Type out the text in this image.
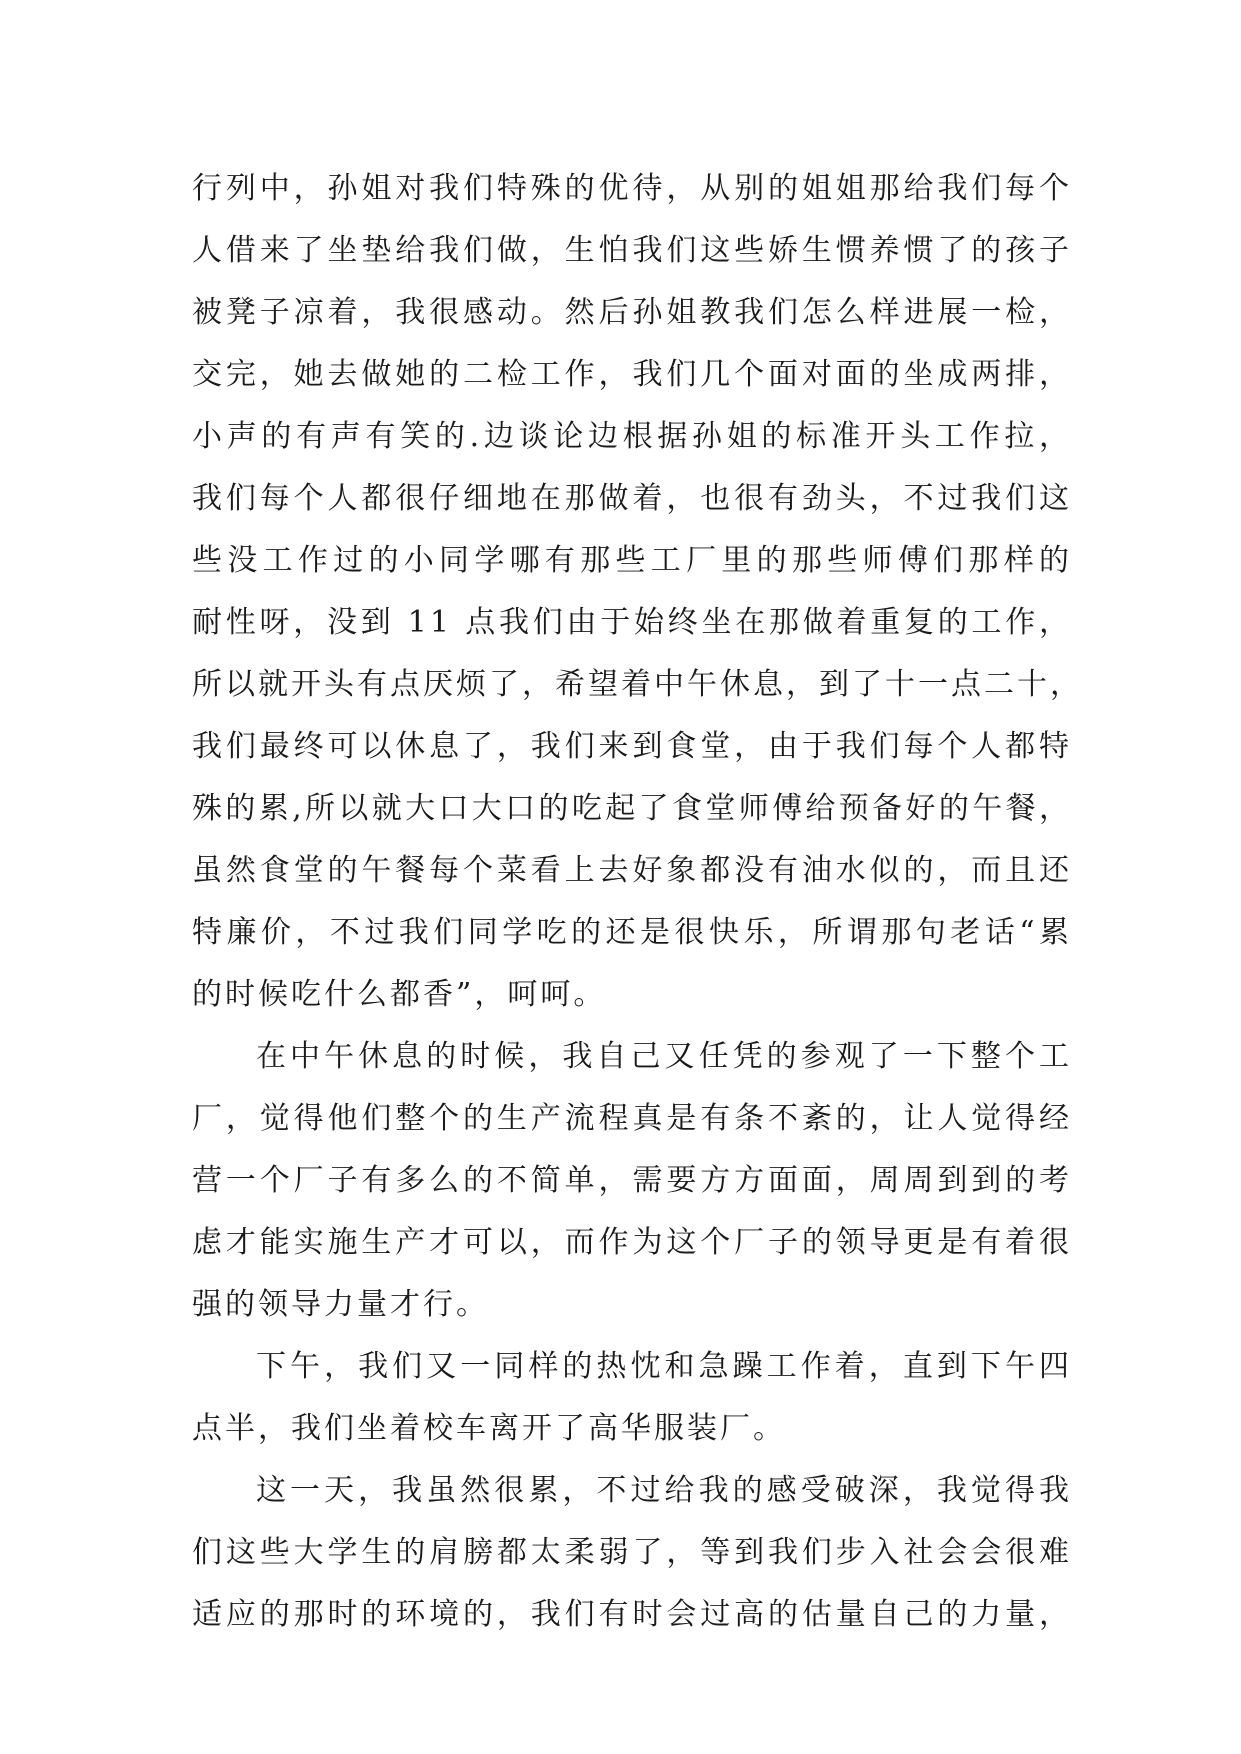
行列中，孙姐对我们特殊的优待，从别的姐姐那给我们每个
人借来了坐垫给我们做，生怕我们这些娇生惯养惯了的孩子
被凳子凉着，我很感动。然后孙姐教我们怎么样进展一检，
交完，她去做她的二检工作，我们几个面对面的坐成两排，
小声的有声有笑的.边谈论边根据孙姐的标准开头工作拉，
我们每个人都很仔细地在那做着，也很有劲头，不过我们这
些没工作过的小同学哪有那些工厂里的那些师傅们那样的
耐性呀，没到 11 点我们由于始终坐在那做着重复的工作，
所以就开头有点厌烦了，希望着中午休息，到了十一点二十，
我们最终可以休息了，我们来到食堂，由于我们每个人都特
殊的累,所以就大口大口的吃起了食堂师傅给预备好的午餐，
虽然食堂的午餐每个菜看上去好象都没有油水似的，而且还
特廉价，不过我们同学吃的还是很快乐，所谓那句老话“累
的时候吃什么都香”，呵呵。
在中午休息的时候，我自己又任凭的参观了一下整个工
厂，觉得他们整个的生产流程真是有条不紊的，让人觉得经
营一个厂子有多么的不简单，需要方方面面，周周到到的考
虑才能实施生产才可以，而作为这个厂子的领导更是有着很
强的领导力量才行。
下午，我们又一同样的热忱和急躁工作着，直到下午四
点半，我们坐着校车离开了高华服装厂。
这一天，我虽然很累，不过给我的感受破深，我觉得我
们这些大学生的肩膀都太柔弱了，等到我们步入社会会很难
适应的那时的环境的，我们有时会过高的估量自己的力量，
